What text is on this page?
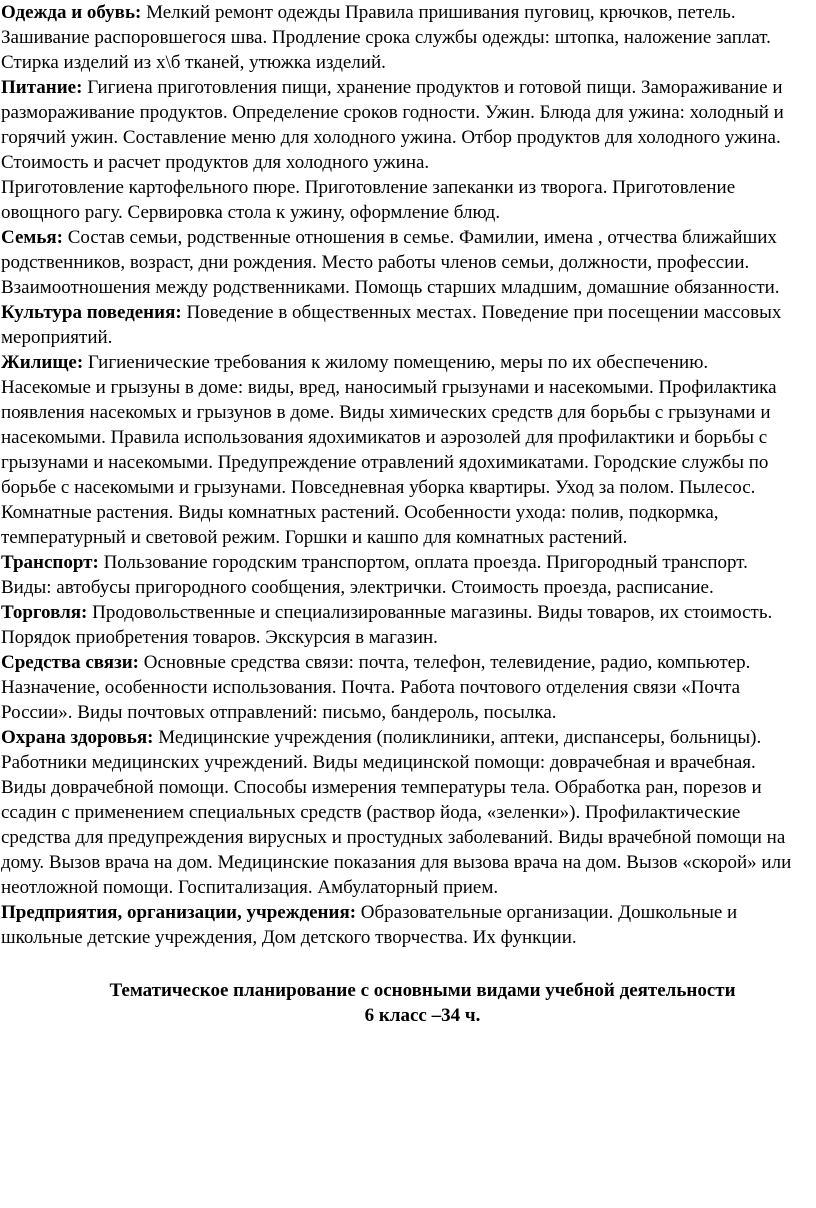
Одежда и обувь: Мелкий ремонт одежды Правила пришивания пуговиц, крючков, петель. Зашивание распоровшегося шва. Продление срока службы одежды: штопка, наложение заплат. Стирка изделий из х\б тканей, утюжка изделий.

Питание: Гигиена приготовления пищи, хранение продуктов и готовой пищи. Замораживание и размораживание продуктов. Определение сроков годности. Ужин. Блюда для ужина: холодный и горячий ужин. Составление меню для холодного ужина. Отбор продуктов для холодного ужина. Стоимость и расчет продуктов для холодного ужина.

Приготовление картофельного пюре. Приготовление запеканки из творога. Приготовление овощного рагу. Сервировка стола к ужину, оформление блюд.

Семья: Состав семьи, родственные отношения в семье. Фамилии, имена , отчества ближайших родственников, возраст, дни рождения. Место работы членов семьи, должности, профессии. Взаимоотношения между родственниками. Помощь старших младшим, домашние обязанности.

Культура поведения: Поведение в общественных местах. Поведение при посещении массовых мероприятий.

Жилище: Гигиенические требования к жилому помещению, меры по их обеспечению. Насекомые и грызуны в доме: виды, вред, наносимый грызунами и насекомыми. Профилактика появления насекомых и грызунов в доме. Виды химических средств для борьбы с грызунами и насекомыми. Правила использования ядохимикатов и аэрозолей для профилактики и борьбы с грызунами и насекомыми. Предупреждение отравлений ядохимикатами. Городские службы по борьбе с насекомыми и грызунами. Повседневная уборка квартиры. Уход за полом. Пылесос. Комнатные растения. Виды комнатных растений. Особенности ухода: полив, подкормка, температурный и световой режим. Горшки и кашпо для комнатных растений.

Транспорт: Пользование городским транспортом, оплата проезда. Пригородный транспорт. Виды: автобусы пригородного сообщения, электрички. Стоимость проезда, расписание.

Торговля: Продовольственные и специализированные магазины. Виды товаров, их стоимость. Порядок приобретения товаров. Экскурсия в магазин.

Средства связи: Основные средства связи: почта, телефон, телевидение, радио, компьютер. Назначение, особенности использования. Почта. Работа почтового отделения связи «Почта России». Виды почтовых отправлений: письмо, бандероль, посылка.

Охрана здоровья: Медицинские учреждения (поликлиники, аптеки, диспансеры, больницы). Работники медицинских учреждений. Виды медицинской помощи: доврачебная и врачебная. Виды доврачебной помощи. Способы измерения температуры тела. Обработка ран, порезов и ссадин с применением специальных средств (раствор йода, «зеленки»). Профилактические средства для предупреждения вирусных и простудных заболеваний. Виды врачебной помощи на дому. Вызов врача на дом. Медицинские показания для вызова врача на дом. Вызов «скорой» или неотложной помощи. Госпитализация. Амбулаторный прием.

Предприятия, организации, учреждения: Образовательные организации. Дошкольные и школьные детские учреждения, Дом детского творчества. Их функции.

Тематическое планирование с основными видами учебной деятельности
6 класс –34 ч.
